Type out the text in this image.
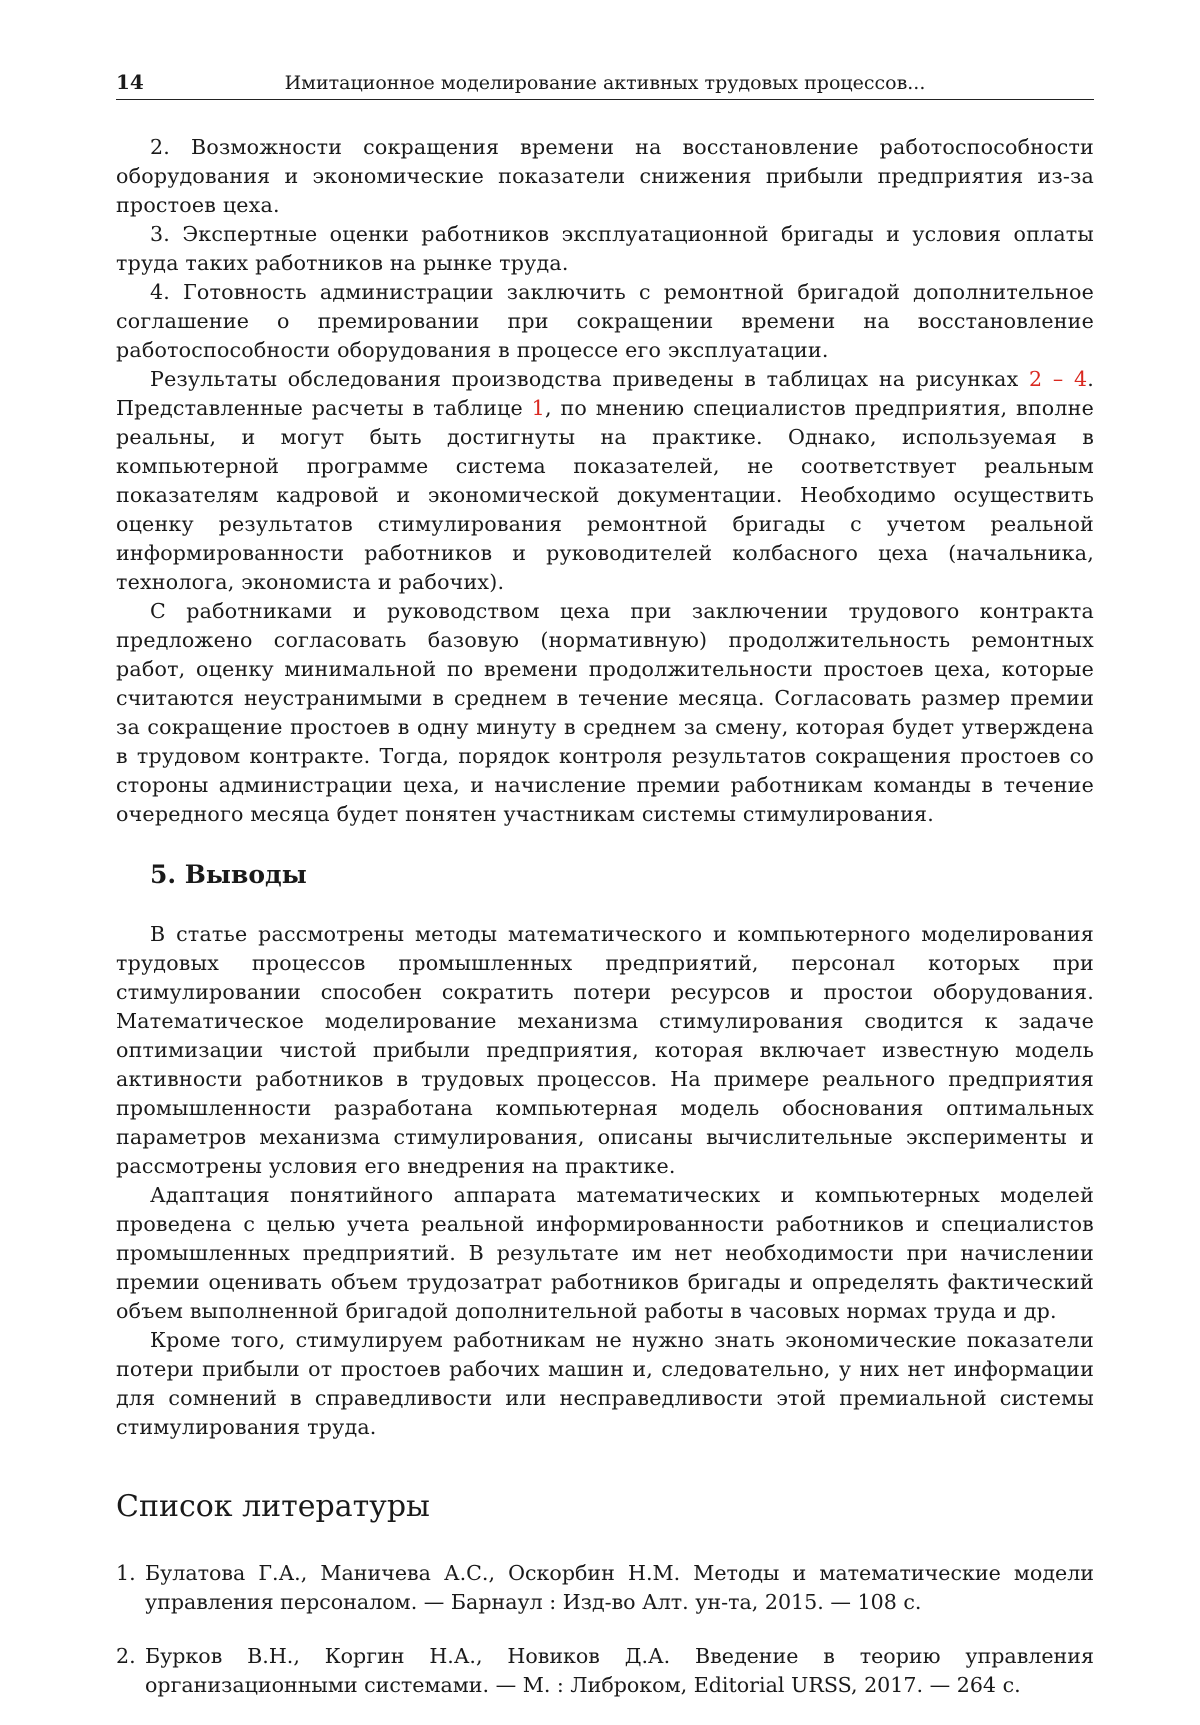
14	Имитационное моделирование активных трудовых процессов...

2. Возможности сокращения времени на восстановление работоспособности оборудования и экономические показатели снижения прибыли предприятия из-за простоев цеха.

3. Экспертные оценки работников эксплуатационной бригады и условия оплаты труда таких работников на рынке труда.

4. Готовность администрации заключить с ремонтной бригадой дополнительное соглашение о премировании при сокращении времени на восстановление работоспособности оборудования в процессе его эксплуатации.

Результаты обследования производства приведены в таблицах на рисунках 2 – 4. Представленные расчеты в таблице 1, по мнению специалистов предприятия, вполне реальны, и могут быть достигнуты на практике. Однако, используемая в компьютерной программе система показателей, не соответствует реальным показателям кадровой и экономической документации. Необходимо осуществить оценку результатов стимулирования ремонтной бригады с учетом реальной информированности работников и руководителей колбасного цеха (начальника, технолога, экономиста и рабочих).

С работниками и руководством цеха при заключении трудового контракта предложено согласовать базовую (нормативную) продолжительность ремонтных работ, оценку минимальной по времени продолжительности простоев цеха, которые считаются неустранимыми в среднем в течение месяца. Согласовать размер премии за сокращение простоев в одну минуту в среднем за смену, которая будет утверждена в трудовом контракте. Тогда, порядок контроля результатов сокращения простоев со стороны администрации цеха, и начисление премии работникам команды в течение очередного месяца будет понятен участникам системы стимулирования.

5. Выводы

В статье рассмотрены методы математического и компьютерного моделирования трудовых процессов промышленных предприятий, персонал которых при стимулировании способен сократить потери ресурсов и простои оборудования. Математическое моделирование механизма стимулирования сводится к задаче оптимизации чистой прибыли предприятия, которая включает известную модель активности работников в трудовых процессов. На примере реального предприятия промышленности разработана компьютерная модель обоснования оптимальных параметров механизма стимулирования, описаны вычислительные эксперименты и рассмотрены условия его внедрения на практике.

Адаптация понятийного аппарата математических и компьютерных моделей проведена с целью учета реальной информированности работников и специалистов промышленных предприятий. В результате им нет необходимости при начислении премии оценивать объем трудозатрат работников бригады и определять фактический объем выполненной бригадой дополнительной работы в часовых нормах труда и др.

Кроме того, стимулируем работникам не нужно знать экономические показатели потери прибыли от простоев рабочих машин и, следовательно, у них нет информации для сомнений в справедливости или несправедливости этой премиальной системы стимулирования труда.

Список литературы
1. Булатова Г.А., Маничева А.С., Оскорбин Н.М. Методы и математические модели управления персоналом. — Барнаул : Изд-во Алт. ун-та, 2015. — 108 с.
2. Бурков В.Н., Коргин Н.А., Новиков Д.А. Введение в теорию управления организационными системами. — М. : Либроком, Editorial URSS, 2017. — 264 с.
